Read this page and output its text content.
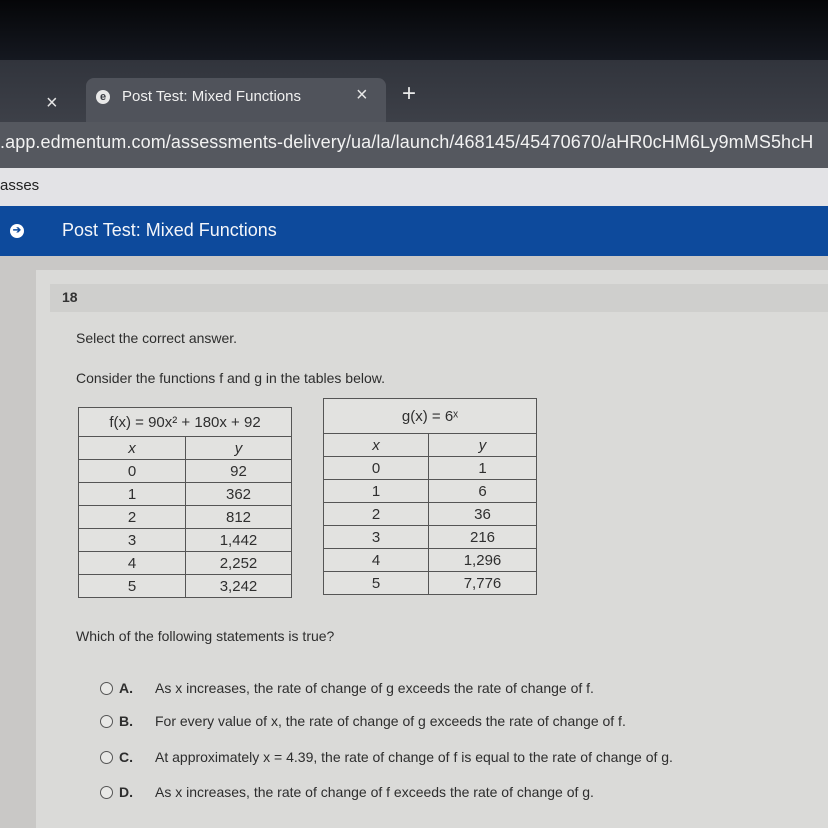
×	e Post Test: Mixed Functions	× +
.app.edmentum.com/assessments-delivery/ua/la/launch/468145/45470670/aHR0cHM6Ly9mMS5hcH
asses
➔ Post Test: Mixed Functions
18
Select the correct answer.
Consider the functions f and g in the tables below.
f(x) = 90x² + 180x + 92	
x	y
0	92
1	362
2	812
3	1,442
4	2,252
5	3,242
g(x) = 6ˣ	
x	y
0	1
1	6
2	36
3	216
4	1,296
5	7,776
Which of the following statements is true?
A. As x increases, the rate of change of g exceeds the rate of change of f.
B. For every value of x, the rate of change of g exceeds the rate of change of f.
C. At approximately x = 4.39, the rate of change of f is equal to the rate of change of g.
D. As x increases, the rate of change of f exceeds the rate of change of g.
